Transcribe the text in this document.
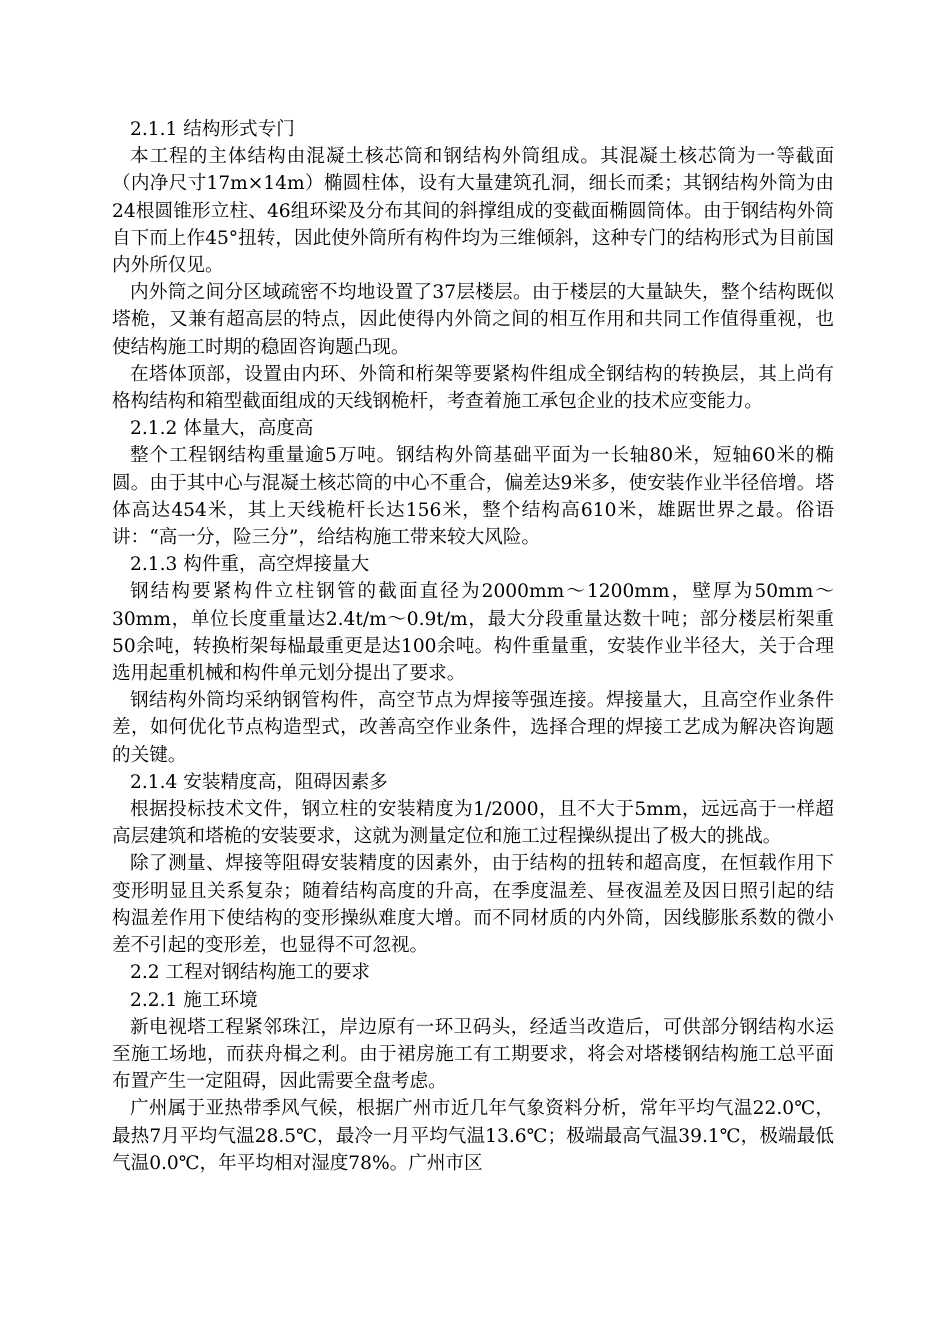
2.1.1 结构形式专门
本工程的主体结构由混凝土核芯筒和钢结构外筒组成。其混凝土核芯筒为一等截面（内净尺寸17m×14m）椭圆柱体，设有大量建筑孔洞，细长而柔；其钢结构外筒为由24根圆锥形立柱、46组环梁及分布其间的斜撑组成的变截面椭圆筒体。由于钢结构外筒自下而上作45°扭转，因此使外筒所有构件均为三维倾斜，这种专门的结构形式为目前国内外所仅见。
内外筒之间分区域疏密不均地设置了37层楼层。由于楼层的大量缺失，整个结构既似塔桅，又兼有超高层的特点，因此使得内外筒之间的相互作用和共同工作值得重视，也使结构施工时期的稳固咨询题凸现。
在塔体顶部，设置由内环、外筒和桁架等要紧构件组成全钢结构的转换层，其上尚有格构结构和箱型截面组成的天线钢桅杆，考查着施工承包企业的技术应变能力。
2.1.2 体量大，高度高
整个工程钢结构重量逾5万吨。钢结构外筒基础平面为一长轴80米，短轴60米的椭圆。由于其中心与混凝土核芯筒的中心不重合，偏差达9米多，使安装作业半径倍增。塔体高达454米，其上天线桅杆长达156米，整个结构高610米，雄踞世界之最。俗语讲：“高一分，险三分”，给结构施工带来较大风险。
2.1.3 构件重，高空焊接量大
钢结构要紧构件立柱钢管的截面直径为2000mm～1200mm，壁厚为50mm～30mm，单位长度重量达2.4t/m～0.9t/m，最大分段重量达数十吨；部分楼层桁架重50余吨，转换桁架每榀最重更是达100余吨。构件重量重，安装作业半径大，关于合理选用起重机械和构件单元划分提出了要求。
钢结构外筒均采纳钢管构件，高空节点为焊接等强连接。焊接量大，且高空作业条件差，如何优化节点构造型式，改善高空作业条件，选择合理的焊接工艺成为解决咨询题的关键。
2.1.4 安装精度高，阻碍因素多
根据投标技术文件，钢立柱的安装精度为1/2000，且不大于5mm，远远高于一样超高层建筑和塔桅的安装要求，这就为测量定位和施工过程操纵提出了极大的挑战。
除了测量、焊接等阻碍安装精度的因素外，由于结构的扭转和超高度，在恒载作用下变形明显且关系复杂；随着结构高度的升高，在季度温差、昼夜温差及因日照引起的结构温差作用下使结构的变形操纵难度大增。而不同材质的内外筒，因线膨胀系数的微小差不引起的变形差，也显得不可忽视。
2.2 工程对钢结构施工的要求
2.2.1 施工环境
新电视塔工程紧邻珠江，岸边原有一环卫码头，经适当改造后，可供部分钢结构水运至施工场地，而获舟楫之利。由于裙房施工有工期要求，将会对塔楼钢结构施工总平面布置产生一定阻碍，因此需要全盘考虑。
广州属于亚热带季风气候，根据广州市近几年气象资料分析，常年平均气温22.0℃，最热7月平均气温28.5℃，最冷一月平均气温13.6℃；极端最高气温39.1℃，极端最低气温0.0℃，年平均相对湿度78%。广州市区
